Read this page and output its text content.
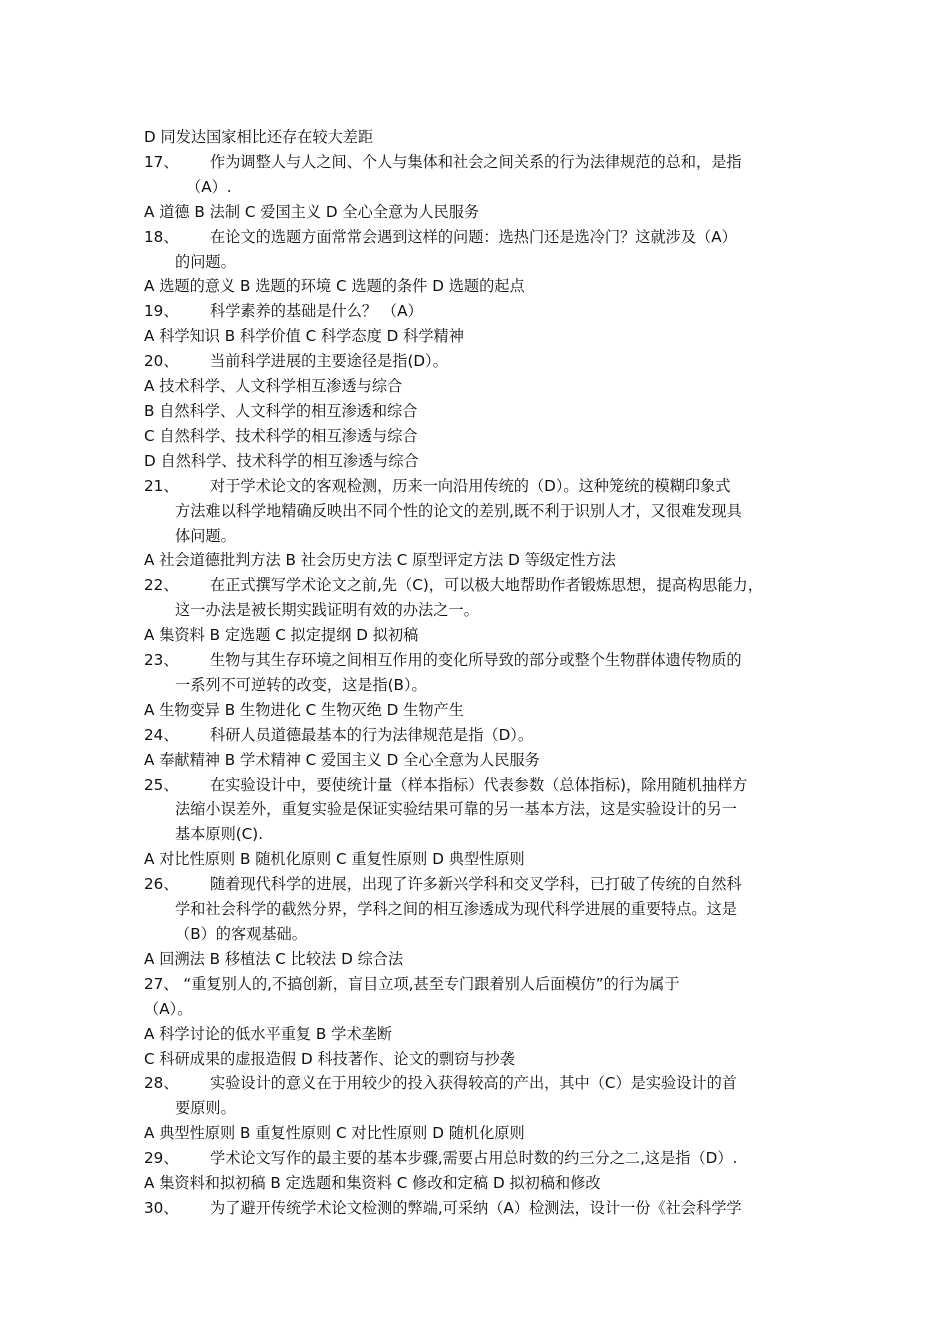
D 同发达国家相比还存在较大差距
17、	作为调整人与人之间、个人与集体和社会之间关系的行为法律规范的总和，是指
（A）.
A 道德 B 法制 C 爱国主义 D 全心全意为人民服务
18、	在论文的选题方面常常会遇到这样的问题：选热门还是选冷门？这就涉及（A）
的问题。
A 选题的意义 B 选题的环境 C 选题的条件 D 选题的起点
19、	科学素养的基础是什么？ （A）
A 科学知识 B 科学价值 C 科学态度 D 科学精神
20、	当前科学进展的主要途径是指(D）。
A 技术科学、人文科学相互渗透与综合
B 自然科学、人文科学的相互渗透和综合
C 自然科学、技术科学的相互渗透与综合
D 自然科学、技术科学的相互渗透与综合
21、	对于学术论文的客观检测，历来一向沿用传统的（D）。这种笼统的模糊印象式
方法难以科学地精确反映出不同个性的论文的差别,既不利于识别人才，又很难发现具
体问题。
A 社会道德批判方法 B 社会历史方法 C 原型评定方法 D 等级定性方法
22、	在正式撰写学术论文之前,先（C)，可以极大地帮助作者锻炼思想，提高构思能力，
这一办法是被长期实践证明有效的办法之一。
A 集资料 B 定选题 C 拟定提纲 D 拟初稿
23、	生物与其生存环境之间相互作用的变化所导致的部分或整个生物群体遗传物质的
一系列不可逆转的改变，这是指(B）。
A 生物变异 B 生物进化 C 生物灭绝 D 生物产生
24、	科研人员道德最基本的行为法律规范是指（D）。
A 奉献精神 B 学术精神 C 爱国主义 D 全心全意为人民服务
25、	在实验设计中，要使统计量（样本指标）代表参数（总体指标)，除用随机抽样方
法缩小误差外，重复实验是保证实验结果可靠的另一基本方法，这是实验设计的另一
基本原则(C).
A 对比性原则 B 随机化原则 C 重复性原则 D 典型性原则
26、	随着现代科学的进展，出现了许多新兴学科和交叉学科，已打破了传统的自然科
学和社会科学的截然分界，学科之间的相互渗透成为现代科学进展的重要特点。这是
（B）的客观基础。
A 回溯法 B 移植法 C 比较法 D 综合法
27、 “重复别人的,不搞创新，盲目立项,甚至专门跟着别人后面模仿”的行为属于
（A）。
A 科学讨论的低水平重复 B 学术垄断
C 科研成果的虚报造假 D 科技著作、论文的剽窃与抄袭
28、	实验设计的意义在于用较少的投入获得较高的产出，其中（C）是实验设计的首
要原则。
A 典型性原则 B 重复性原则 C 对比性原则 D 随机化原则
29、	学术论文写作的最主要的基本步骤,需要占用总时数的约三分之二,这是指（D）.
A 集资料和拟初稿 B 定选题和集资料 C 修改和定稿 D 拟初稿和修改
30、	为了避开传统学术论文检测的弊端,可采纳（A）检测法，设计一份《社会科学学
